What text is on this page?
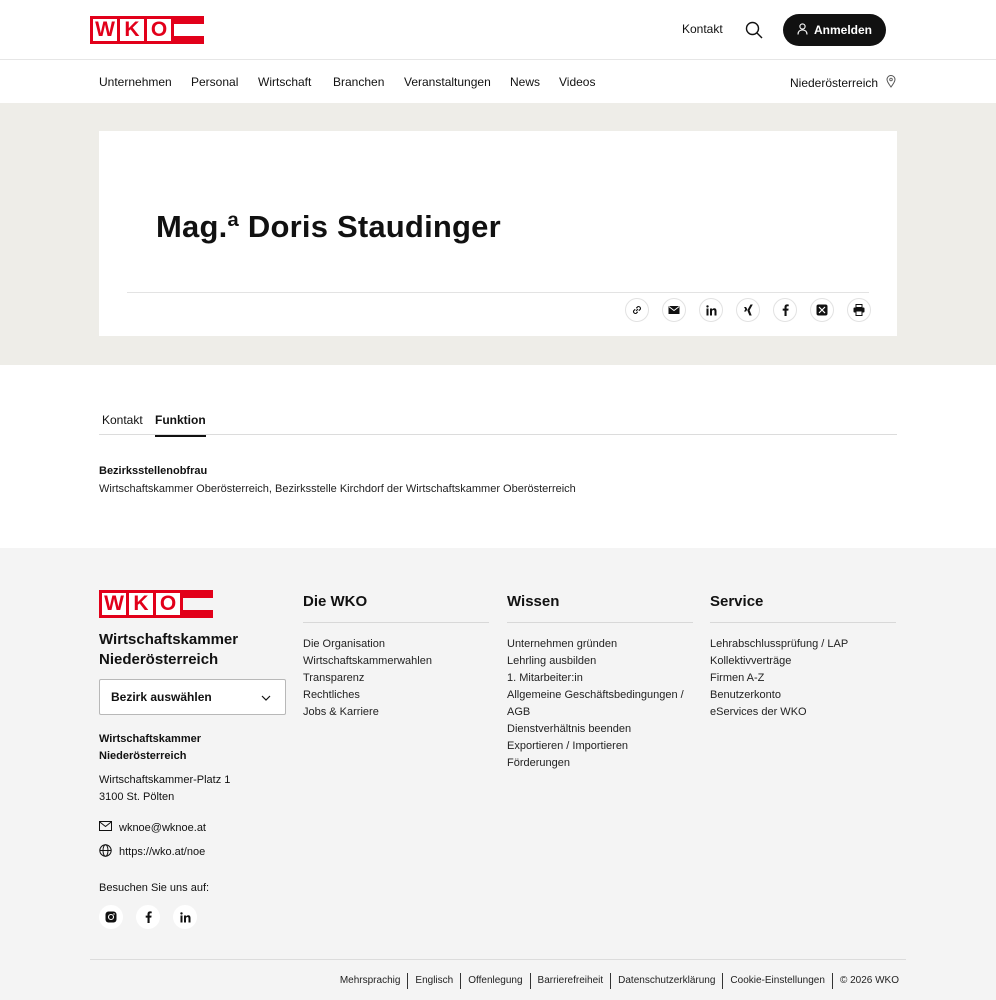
W K O	Kontakt	Anmelden
Unternehmen Personal Wirtschaft Branchen Veranstaltungen News Videos	Niederösterreich
Mag.ª Doris Staudinger
Kontakt Funktion
Bezirksstellenobfrau
Wirtschaftskammer Oberösterreich, Bezirksstelle Kirchdorf der Wirtschaftskammer Oberösterreich
W K O
Wirtschaftskammer Niederösterreich
Bezirk auswählen
Wirtschaftskammer Niederösterreich
Wirtschaftskammer-Platz 1
3100 St. Pölten
wknoe@wknoe.at
https://wko.at/noe
Besuchen Sie uns auf:
Die WKO
Die Organisation
Wirtschaftskammerwahlen
Transparenz
Rechtliches
Jobs & Karriere
Wissen
Unternehmen gründen
Lehrling ausbilden
1. Mitarbeiter:in
Allgemeine Geschäftsbedingungen / AGB
Dienstverhältnis beenden
Exportieren / Importieren
Förderungen
Service
Lehrabschlussprüfung / LAP
Kollektivverträge
Firmen A-Z
Benutzerkonto
eServices der WKO
Mehrsprachig	Englisch	Offenlegung	Barrierefreiheit	Datenschutzerklärung	Cookie-Einstellungen	© 2026 WKO
